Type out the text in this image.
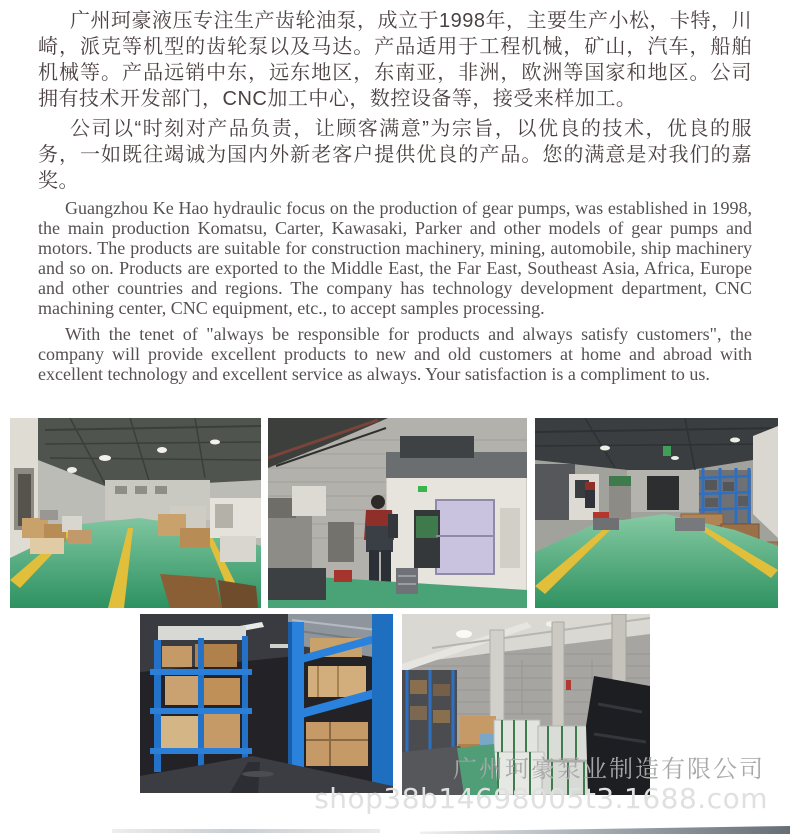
广州珂豪液压专注生产齿轮油泵，成立于1998年，主要生产小松，卡特，川崎，派克等机型的齿轮泵以及马达。产品适用于工程机械，矿山，汽车，船舶机械等。产品远销中东，远东地区，东南亚，非洲，欧洲等国家和地区。公司拥有技术开发部门，CNC加工中心，数控设备等，接受来样加工。

公司以“时刻对产品负责，让顾客满意”为宗旨，以优良的技术，优良的服务，一如既往竭诚为国内外新老客户提供优良的产品。您的满意是对我们的嘉奖。

Guangzhou Ke Hao hydraulic focus on the production of gear pumps, was established in 1998, the main production Komatsu, Carter, Kawasaki, Parker and other models of gear pumps and motors. The products are suitable for construction machinery, mining, automobile, ship machinery and so on. Products are exported to the Middle East, the Far East, Southeast Asia, Africa, Europe and other countries and regions. The company has technology development department, CNC machining center, CNC equipment, etc., to accept samples processing.

With the tenet of "always be responsible for products and always satisfy customers", the company will provide excellent products to new and old customers at home and abroad with excellent technology and excellent service as always. Your satisfaction is a compliment to us.

广州珂豪泵业制造有限公司
shop38b14698005t3.1688.com
